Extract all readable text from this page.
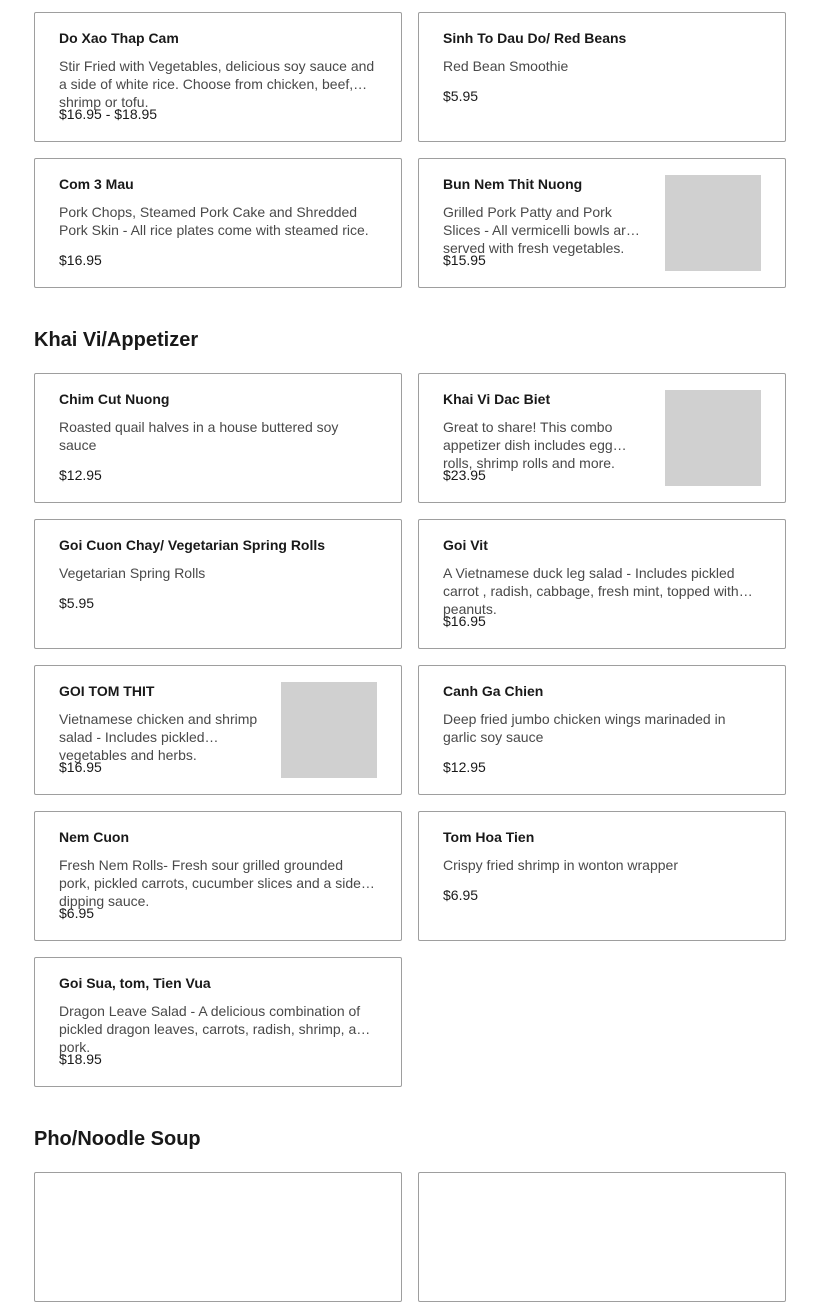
Do Xao Thap Cam
Stir Fried with Vegetables, delicious soy sauce and a side of white rice. Choose from chicken, beef, shrimp or tofu.
$16.95 - $18.95
Sinh To Dau Do/ Red Beans
Red Bean Smoothie
$5.95
Com 3 Mau
Pork Chops, Steamed Pork Cake and Shredded Pork Skin - All rice plates come with steamed rice.
$16.95
Bun Nem Thit Nuong
Grilled Pork Patty and Pork Slices - All vermicelli bowls are served with fresh vegetables.
$15.95
Khai Vi/Appetizer
Chim Cut Nuong
Roasted quail halves in a house buttered soy sauce
$12.95
Khai Vi Dac Biet
Great to share! This combo appetizer dish includes egg rolls, shrimp rolls and more.
$23.95
Goi Cuon Chay/ Vegetarian Spring Rolls
Vegetarian Spring Rolls
$5.95
Goi Vit
A Vietnamese duck leg salad - Includes pickled carrot , radish, cabbage, fresh mint, topped with peanuts.
$16.95
GOI TOM THIT
Vietnamese chicken and shrimp salad - Includes pickled vegetables and herbs.
$16.95
Canh Ga Chien
Deep fried jumbo chicken wings marinaded in garlic soy sauce
$12.95
Nem Cuon
Fresh Nem Rolls- Fresh sour grilled grounded pork, pickled carrots, cucumber slices and a side of dipping sauce.
$6.95
Tom Hoa Tien
Crispy fried shrimp in wonton wrapper
$6.95
Goi Sua, tom, Tien Vua
Dragon Leave Salad - A delicious combination of pickled dragon leaves, carrots, radish, shrimp, and pork.
$18.95
Pho/Noodle Soup
